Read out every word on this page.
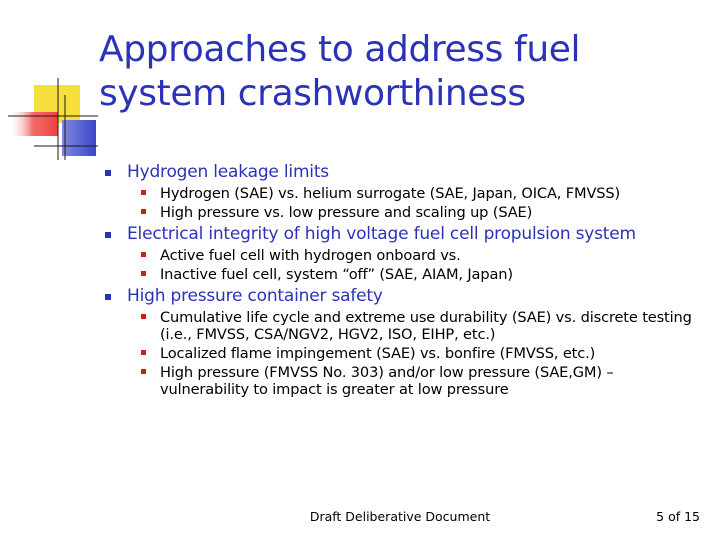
Approaches to address fuel
system crashworthiness
Hydrogen leakage limits
Hydrogen (SAE) vs. helium surrogate (SAE, Japan, OICA, FMVSS)
High pressure vs. low pressure and scaling up (SAE)
Electrical integrity of high voltage fuel cell propulsion system
Active fuel cell with hydrogen onboard vs.
Inactive fuel cell, system “off” (SAE, AIAM, Japan)
High pressure container safety
Cumulative life cycle and extreme use durability (SAE) vs. discrete testing (i.e., FMVSS, CSA/NGV2, HGV2, ISO, EIHP, etc.)
Localized flame impingement (SAE) vs. bonfire (FMVSS, etc.)
High pressure (FMVSS No. 303) and/or low pressure (SAE,GM) – vulnerability to impact is greater at low pressure
Draft Deliberative Document	5 of 15
